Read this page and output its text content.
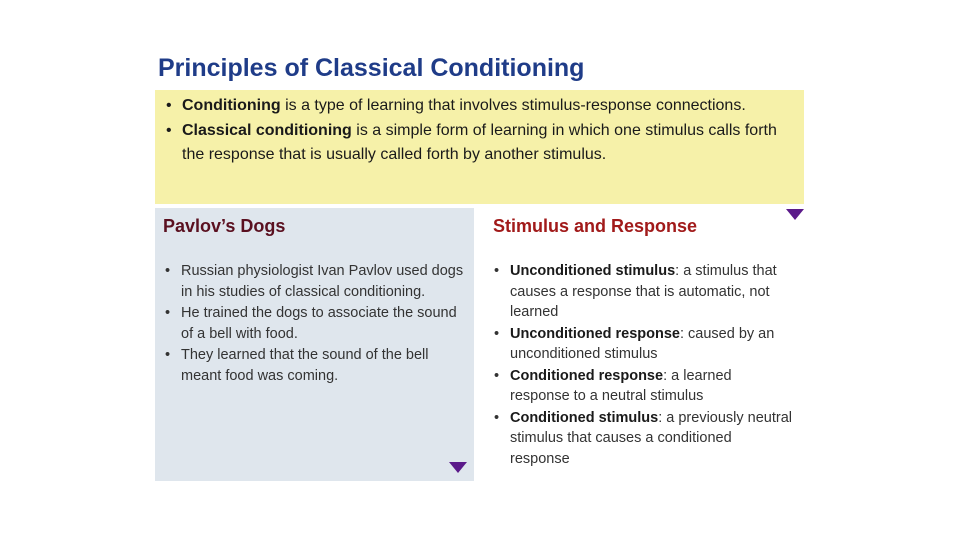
Principles of Classical Conditioning
• Conditioning is a type of learning that involves stimulus-response connections.
• Classical conditioning is a simple form of learning in which one stimulus calls forth the response that is usually called forth by another stimulus.
Pavlov’s Dogs
• Russian physiologist Ivan Pavlov used dogs in his studies of classical conditioning.
• He trained the dogs to associate the sound of a bell with food.
• They learned that the sound of the bell meant food was coming.
Stimulus and Response
• Unconditioned stimulus: a stimulus that causes a response that is automatic, not learned
• Unconditioned response: caused by an unconditioned stimulus
• Conditioned response: a learned response to a neutral stimulus
• Conditioned stimulus: a previously neutral stimulus that causes a conditioned response
